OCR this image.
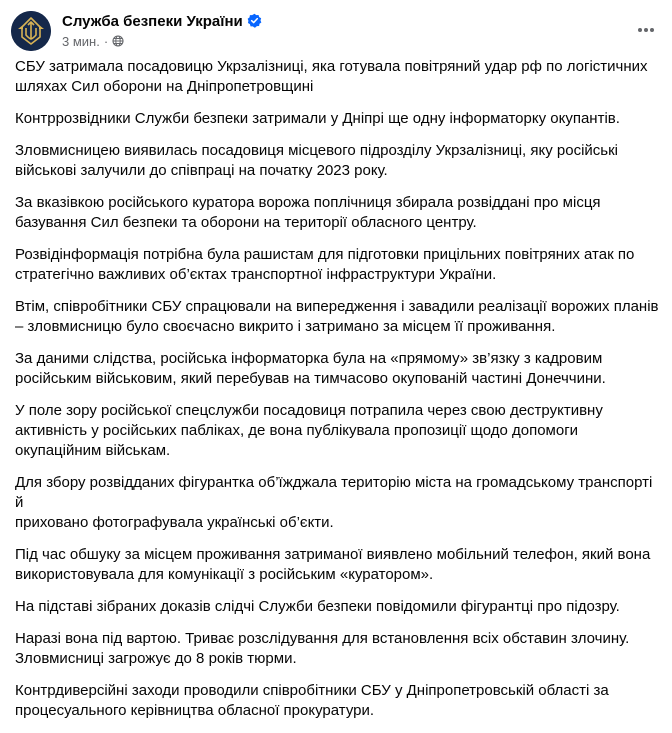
Служба безпеки України
3 мин. ·
СБУ затримала посадовицю Укрзалізниці, яка готувала повітряний удар рф по логістичних
шляхах Сил оборони на Дніпропетровщині
Контррозвідники Служби безпеки затримали у Дніпрі ще одну інформаторку окупантів.
Зловмисницею виявилась посадовиця місцевого підрозділу Укрзалізниці, яку російські
військові залучили до співпраці на початку 2023 року.
За вказівкою російського куратора ворожа поплічниця збирала розвіддані про місця
базування Сил безпеки та оборони на території обласного центру.
Розвідінформація потрібна була рашистам для підготовки прицільних повітряних атак по
стратегічно важливих об’єктах транспортної інфраструктури України.
Втім, співробітники СБУ спрацювали на випередження і завадили реалізації ворожих планів
– зловмисницю було своєчасно викрито і затримано за місцем її проживання.
За даними слідства, російська інформаторка була на «прямому» зв’язку з кадровим
російським військовим, який перебував на тимчасово окупованій частині Донеччини.
У поле зору російської спецслужби посадовиця потрапила через свою деструктивну
активність у російських пабліках, де вона публікувала пропозиції щодо допомоги
окупаційним військам.
Для збору розвідданих фігурантка об’їжджала територію міста на громадському транспорті й
приховано фотографувала українські об’єкти.
Під час обшуку за місцем проживання затриманої виявлено мобільний телефон, який вона
використовувала для комунікації з російським «куратором».
На підставі зібраних доказів слідчі Служби безпеки повідомили фігурантці про підозру.
Наразі вона під вартою. Триває розслідування для встановлення всіх обставин злочину.
Зловмисниці загрожує до 8 років тюрми.
Контрдиверсійні заходи проводили співробітники СБУ у Дніпропетровській області за
процесуального керівництва обласної прокуратури.
